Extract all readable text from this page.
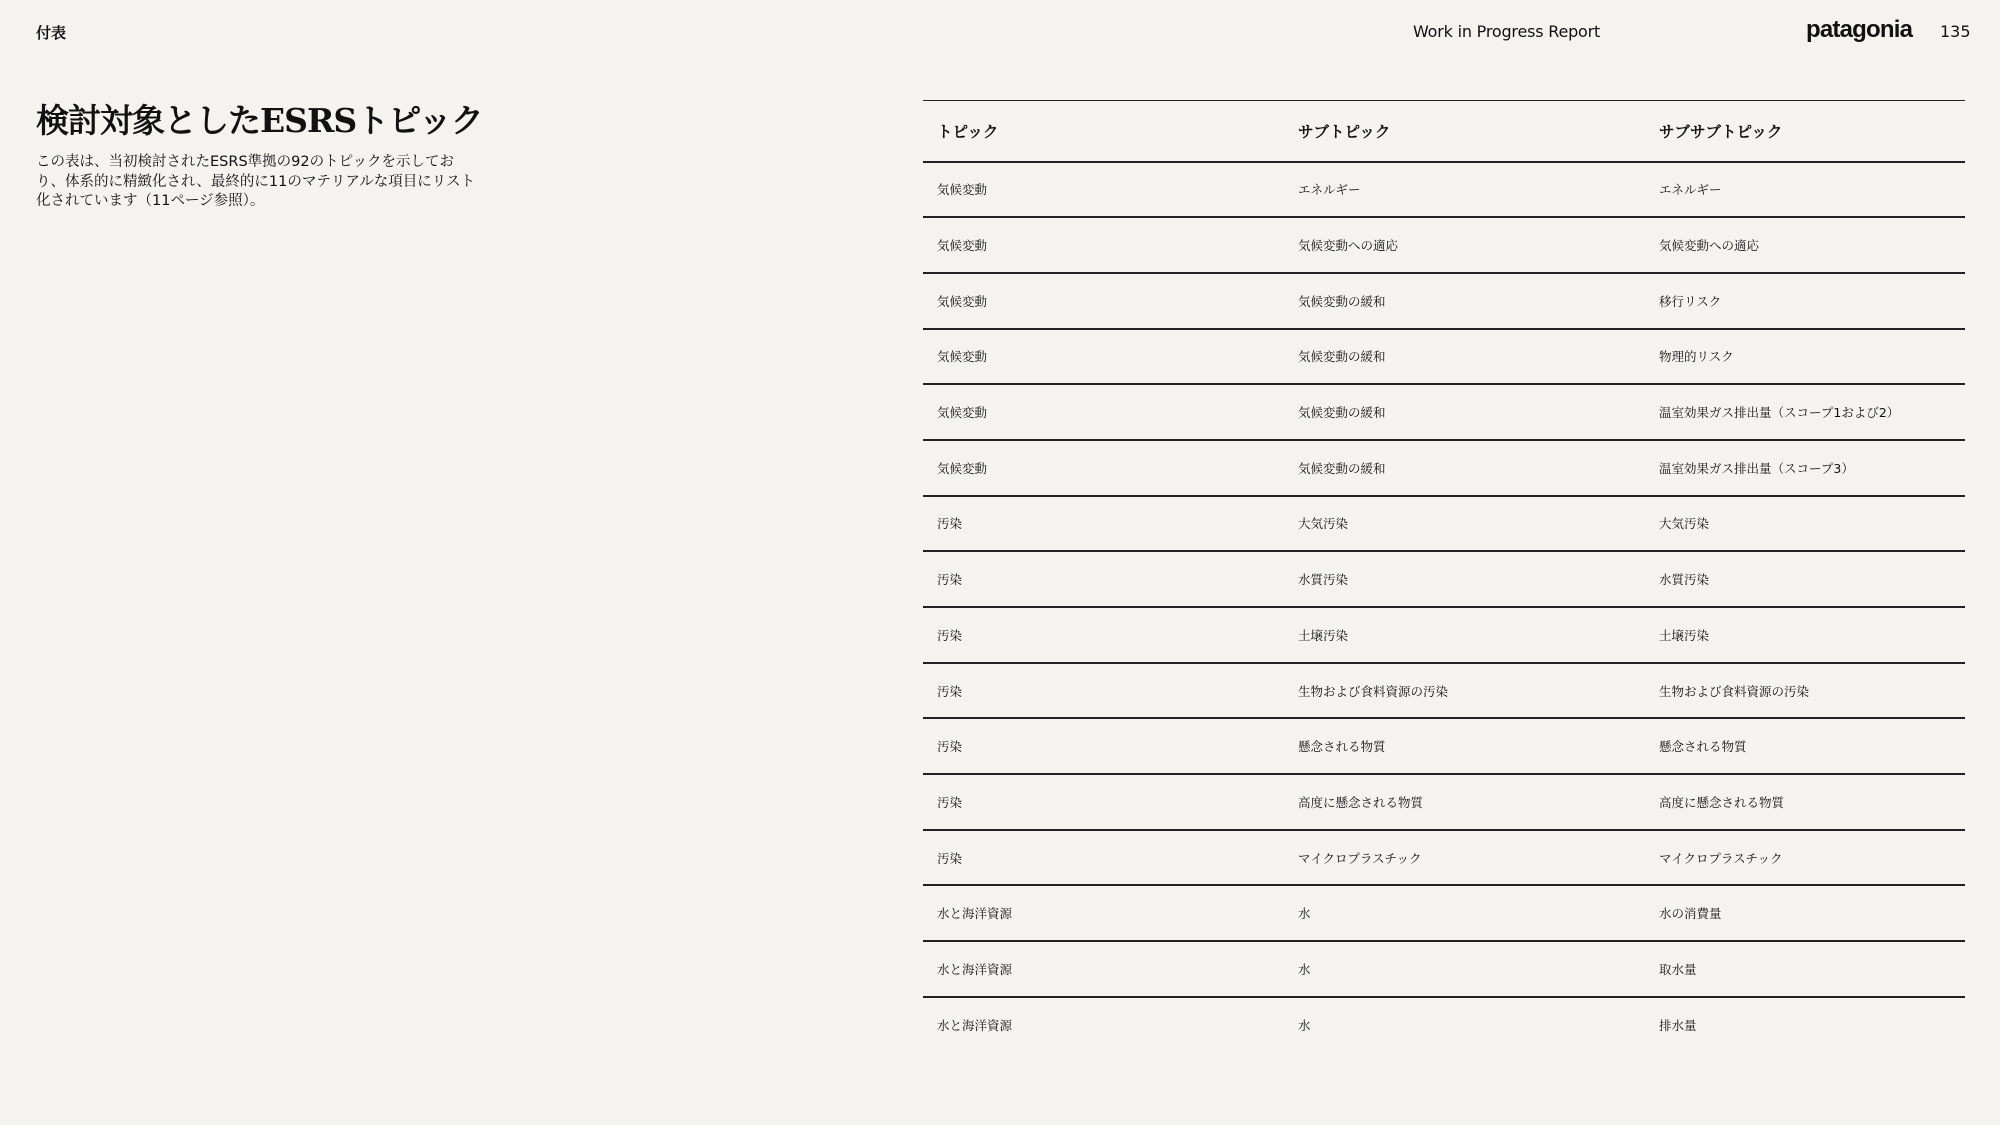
付表	Work in Progress Report	patagonia 135
検討対象としたESRSトピック

この表は、当初検討されたESRS準拠の92のトピックを示しており、体系的に精緻化され、最終的に11のマテリアルな項目にリスト化されています（11ページ参照）。

トピック	サブトピック	サブサブトピック
気候変動	エネルギー	エネルギー
気候変動	気候変動への適応	気候変動への適応
気候変動	気候変動の緩和	移行リスク
気候変動	気候変動の緩和	物理的リスク
気候変動	気候変動の緩和	温室効果ガス排出量（スコープ1および2）
気候変動	気候変動の緩和	温室効果ガス排出量（スコープ3）
汚染	大気汚染	大気汚染
汚染	水質汚染	水質汚染
汚染	土壌汚染	土壌汚染
汚染	生物および食料資源の汚染	生物および食料資源の汚染
汚染	懸念される物質	懸念される物質
汚染	高度に懸念される物質	高度に懸念される物質
汚染	マイクロプラスチック	マイクロプラスチック
水と海洋資源	水	水の消費量
水と海洋資源	水	取水量
水と海洋資源	水	排水量
